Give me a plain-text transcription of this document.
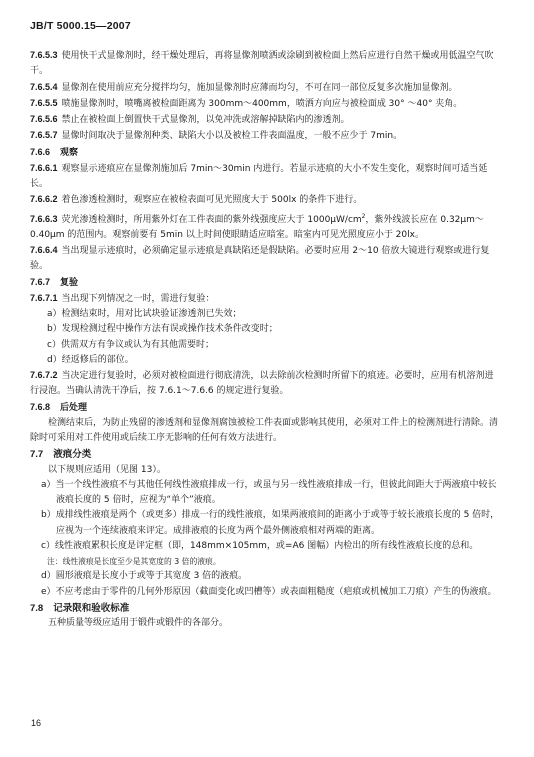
JB/T 5000.15—2007

7.6.5.3 使用快干式显像剂时，经干燥处理后，再将显像剂喷洒或涂刷到被检面上然后应进行自然干燥或用低温空气吹干。

7.6.5.4 显像剂在使用前应充分搅拌均匀，施加显像剂时应薄而均匀，不可在同一部位反复多次施加显像剂。

7.6.5.5 喷施显像剂时，喷嘴离被检面距离为 300mm～400mm，喷洒方向应与被检面成 30° ～40° 夹角。

7.6.5.6 禁止在被检面上倒置快干式显像剂，以免冲洗或溶解掉缺陷内的渗透剂。

7.6.5.7 显像时间取决于显像剂种类、缺陷大小以及被检工件表面温度，一般不应少于 7min。

7.6.6 观察

7.6.6.1 观察显示迹痕应在显像剂施加后 7min～30min 内进行。若显示迹痕的大小不发生变化，观察时间可适当延长。

7.6.6.2 着色渗透检测时，观察应在被检表面可见光照度大于 500lx 的条件下进行。

7.6.6.3 荧光渗透检测时，所用紫外灯在工件表面的紫外线强度应大于 $1000\mu W/cm^2$，紫外线波长应在 0.32μm～0.40μm 的范围内。观察前要有 5min 以上时间使眼睛适应暗室。暗室内可见光照度应小于 20lx。

7.6.6.4 当出现显示迹痕时，必须确定显示迹痕是真缺陷还是假缺陷。必要时应用 2～10 倍放大镜进行观察或进行复验。

7.6.7 复验

7.6.7.1 当出现下列情况之一时，需进行复验：

a）检测结束时，用对比试块验证渗透剂已失效；

b）发现检测过程中操作方法有误或操作技术条件改变时；

c）供需双方有争议或认为有其他需要时；

d）经返修后的部位。

7.6.7.2 当决定进行复验时，必须对被检面进行彻底清洗，以去除前次检测时所留下的痕迹。必要时，应用有机溶剂进行浸泡。当确认清洗干净后，按 7.6.1～7.6.6 的规定进行复验。

7.6.8 后处理

检测结束后，为防止残留的渗透剂和显像剂腐蚀被检工件表面或影响其使用，必须对工件上的检测剂进行清除。清除时可采用对工件使用或后续工序无影响的任何有效方法进行。

7.7 液痕分类

以下规则应适用（见图 13）。

a）当一个线性液痕不与其他任何线性液痕排成一行，或虽与另一线性液痕排成一行，但彼此间距大于两液痕中较长液痕长度的 5 倍时，应视为“单个”液痕。

b）成排线性液痕是两个（或更多）排成一行的线性液痕，如果两液痕间的距离小于或等于较长液痕长度的 5 倍时，应视为一个连续液痕来评定。成排液痕的长度为两个最外侧液痕相对两端的距离。

c）线性液痕累积长度是评定框（即，148mm×105mm，或=A6 图幅）内检出的所有线性液痕长度的总和。

注：线性液痕是长度至少是其宽度的 3 倍的液痕。

d）圆形液痕是长度小于或等于其宽度 3 倍的液痕。

e）不应考虑由于零件的几何外形原因（截面变化或凹槽等）或表面粗糙度（疤痕或机械加工刀痕）产生的伪液痕。

7.8 记录限和验收标准

五种质量等级应适用于锻件或锻件的各部分。

16
